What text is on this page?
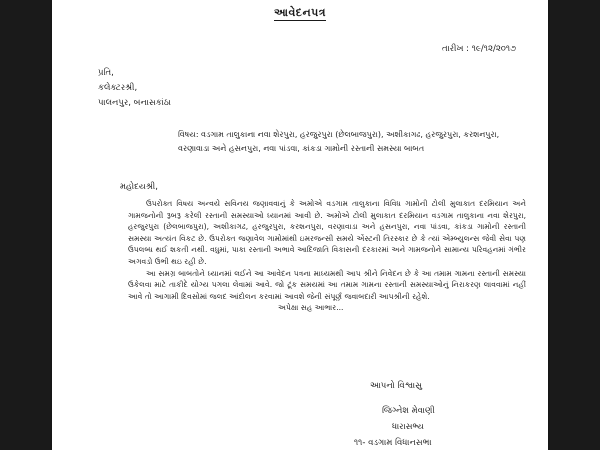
આવેદનપત્ર
તારીખ : ૧૯/૧૨/૨૦૧૭
પ્રતિ,
કલેક્ટરશ્રી,
પાલનપુર, બનાસકાંઠા
વિષય: વડગામ તાલુકાના નવા શેરપુરા, હરજુરપુરા (છેલબાજપુરા), અશીકાગઢ, હરજુરપુરા, કરશનપુરા, વરણાવાડા અને હસનપુરા, નવા પાંડવા, કાંકડા ગામોની રસ્તાની સમસ્યા બાબત
મહોદયશ્રી,

ઉપરોક્ત વિષય અન્વયે સવિનય જણાવવાનું કે અમોએ વડગામ તાલુકાના વિવિધ ગામોની ટોલી મુલાકાત દરમિયાન અને ગામજનોની રૂબરૂ કરેલી રસ્તાની સમસ્યાઓ ધ્યાનમાં આવી છે. અમોએ ટોલી મુલાકાત દરમિયાન વડગામ તાલુકાના નવા શેરપુરા, હરજુરપુરા (છેલબાજપુરા), અશીકાગઢ, હરજુરપુરા, કરશનપુરા, વરણાવાડા અને હસનપુરા, નવા પાંડવા, કાંકડા ગામોની રસ્તાની સમસ્યા અત્યંત વિકટ છે. ઉપરોક્ત જણાવેલ ગામોમાંથી ઇમરજન્સી સમયે એંસ્ટની તિરસ્કાર છે કે ત્યાં એમ્બ્યુલન્સ જેવી સેવા પણ ઉપલબ્ધ થઈ શકતી નથી. વધુમાં, પાકા રસ્તાની અભાવે આદિજાતિ વિકાસની દરકારમાં અને ગામજનોને સામાન્ય પરિવહનમાં ગંભીર અગવડો ઉભી થઇ રહી છે.

આ સમગ્ર બાબતોને ધ્યાનમાં લઈને આ આવેદન પત્રના માધ્યમથી આપ શ્રીને નિવેદન છે કે આ તમામ ગામના રસ્તાની સમસ્યા ઉકેલવા માટે તાકીદે યોગ્ય પગલા લેવામાં આવે. જો ટૂંક સમયમાં આ તમામ ગામના રસ્તાની સમસ્યાઓનું નિરાકરણ લાવવામાં નહીં આવે તો આગામી દિવસોમાં જલદ આંદોલન કરવામાં આવશે જેની સંપૂર્ણ જવાબદારી આપશ્રીની રહેશે.

અપેક્ષા સહ આભાર...

આપનો વિશ્વાસુ
જિગ્નેશ મેવાણી
ધારાસભ્ય
૧૧- વડગામ વિધાનસભા
